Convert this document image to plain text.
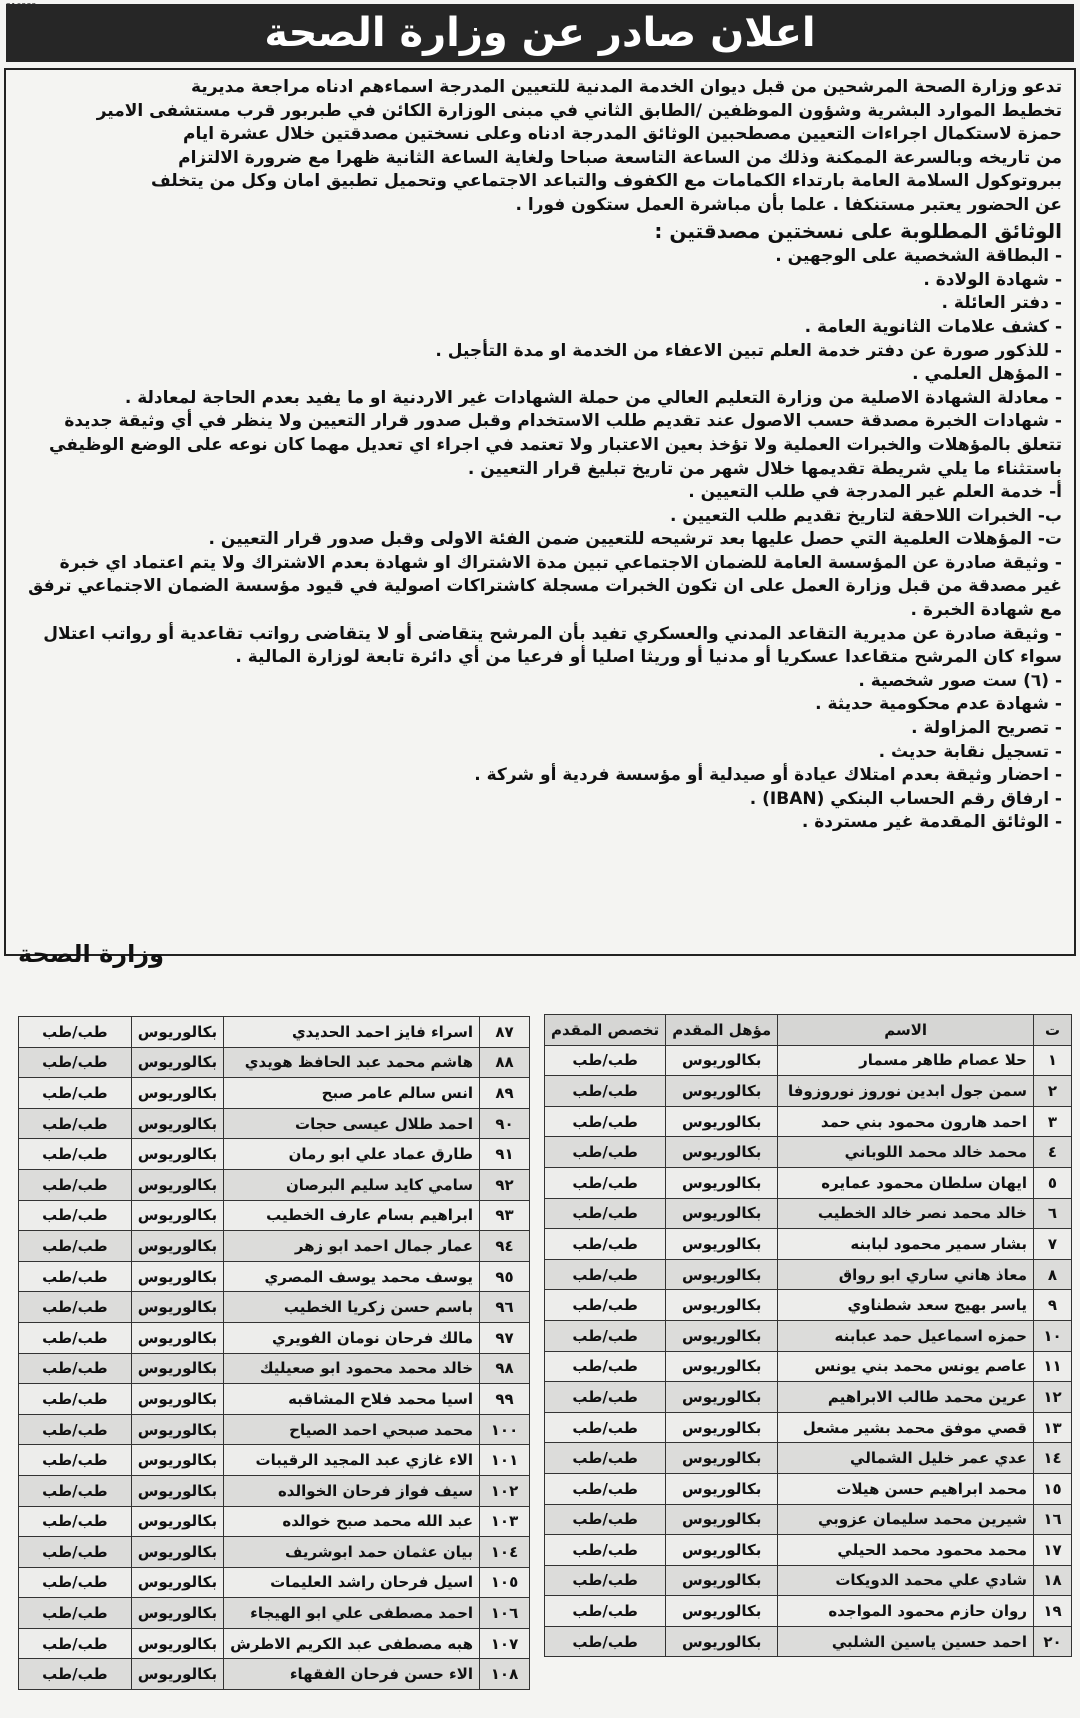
اعلان صادر عن وزارة الصحة

تدعو وزارة الصحة المرشحين من قبل ديوان الخدمة المدنية للتعيين المدرجة اسماءهم ادناه مراجعة مديرية

تخطيط الموارد البشرية وشؤون الموظفين /الطابق الثاني في مبنى الوزارة الكائن في طبربور قرب مستشفى الامير

حمزة لاستكمال اجراءات التعيين مصطحبين الوثائق المدرجة ادناه وعلى نسختين مصدقتين خلال عشرة ايام

من تاريخه وبالسرعة الممكنة وذلك من الساعة التاسعة صباحا ولغاية الساعة الثانية ظهرا مع ضرورة الالتزام

ببروتوكول السلامة العامة بارتداء الكمامات مع الكفوف والتباعد الاجتماعي وتحميل تطبيق امان وكل من يتخلف

عن الحضور يعتبر مستنكفا . علما بأن مباشرة العمل ستكون فورا .

الوثائق المطلوبة على نسختين مصدقتين :

- البطاقة الشخصية على الوجهين .

- شهادة الولادة .

- دفتر العائلة .

- كشف علامات الثانوية العامة .

- للذكور صورة عن دفتر خدمة العلم تبين الاعفاء من الخدمة او مدة التأجيل .

- المؤهل العلمي .

- معادلة الشهادة الاصلية من وزارة التعليم العالي من حملة الشهادات غير الاردنية او ما يفيد بعدم الحاجة لمعادلة .

- شهادات الخبرة مصدقة حسب الاصول عند تقديم طلب الاستخدام وقبل صدور قرار التعيين ولا ينظر في أي وثيقة جديدة

تتعلق بالمؤهلات والخبرات العملية ولا تؤخذ بعين الاعتبار ولا تعتمد في اجراء اي تعديل مهما كان نوعه على الوضع الوظيفي

باستثناء ما يلي شريطة تقديمها خلال شهر من تاريخ تبليغ قرار التعيين .

أ- خدمة العلم غير المدرجة في طلب التعيين .

ب- الخبرات اللاحقة لتاريخ تقديم طلب التعيين .

ت- المؤهلات العلمية التي حصل عليها بعد ترشيحه للتعيين ضمن الفئة الاولى وقبل صدور قرار التعيين .

- وثيقة صادرة عن المؤسسة العامة للضمان الاجتماعي تبين مدة الاشتراك او شهادة بعدم الاشتراك ولا يتم اعتماد اي خبرة

غير مصدقة من قبل وزارة العمل على ان تكون الخبرات مسجلة كاشتراكات اصولية في قيود مؤسسة الضمان الاجتماعي ترفق

مع شهادة الخبرة .

- وثيقة صادرة عن مديرية التقاعد المدني والعسكري تفيد بأن المرشح يتقاضى أو لا يتقاضى رواتب تقاعدية أو رواتب اعتلال

سواء كان المرشح متقاعدا عسكريا أو مدنيا أو وريثا اصليا أو فرعيا من أي دائرة تابعة لوزارة المالية .

- (٦) ست صور شخصية .

- شهادة عدم محكومية حديثة .

- تصريح المزاولة .

- تسجيل نقابة حديث .

- احضار وثيقة بعدم امتلاك عيادة أو صيدلية أو مؤسسة فردية أو شركة .

- ارفاق رقم الحساب البنكي (IBAN) .

- الوثائق المقدمة غير مستردة .

وزارة الصحة
ت	الاسم	مؤهل المقدم	تخصص المقدم
١	حلا عصام طاهر مسمار	بكالوريوس	طب/طب
٢	سمن جول ابدين نوروز نوروزوفا	بكالوريوس	طب/طب
٣	احمد هارون محمود بني حمد	بكالوريوس	طب/طب
٤	محمد خالد محمد اللوباني	بكالوريوس	طب/طب
٥	ايهان سلطان محمود عمايره	بكالوريوس	طب/طب
٦	خالد محمد نصر خالد الخطيب	بكالوريوس	طب/طب
٧	بشار سمير محمود لبابنه	بكالوريوس	طب/طب
٨	معاذ هاني ساري ابو رواق	بكالوريوس	طب/طب
٩	ياسر بهيج سعد شطناوي	بكالوريوس	طب/طب
١٠	حمزه اسماعيل حمد عبابنه	بكالوريوس	طب/طب
١١	عاصم يونس محمد بني يونس	بكالوريوس	طب/طب
١٢	عرين محمد طالب الابراهيم	بكالوريوس	طب/طب
١٣	قصي موفق محمد بشير مشعل	بكالوريوس	طب/طب
١٤	عدي عمر خليل الشمالي	بكالوريوس	طب/طب
١٥	محمد ابراهيم حسن هيلات	بكالوريوس	طب/طب
١٦	شيرين محمد سليمان عزوبي	بكالوريوس	طب/طب
١٧	محمد محمود محمد الحيلي	بكالوريوس	طب/طب
١٨	شادي علي محمد الدويكات	بكالوريوس	طب/طب
١٩	روان حازم محمود المواجده	بكالوريوس	طب/طب
٢٠	احمد حسين ياسين الشلبي	بكالوريوس	طب/طب
٨٧	اسراء فايز احمد الحديدي	بكالوريوس	طب/طب
٨٨	هاشم محمد عبد الحافظ هويدي	بكالوريوس	طب/طب
٨٩	انس سالم عامر صبح	بكالوريوس	طب/طب
٩٠	احمد طلال عيسى حجات	بكالوريوس	طب/طب
٩١	طارق عماد علي ابو رمان	بكالوريوس	طب/طب
٩٢	سامي كايد سليم البرصان	بكالوريوس	طب/طب
٩٣	ابراهيم بسام عارف الخطيب	بكالوريوس	طب/طب
٩٤	عمار جمال احمد ابو زهر	بكالوريوس	طب/طب
٩٥	يوسف محمد يوسف المصري	بكالوريوس	طب/طب
٩٦	باسم حسن زكريا الخطيب	بكالوريوس	طب/طب
٩٧	مالك فرحان نومان الفويري	بكالوريوس	طب/طب
٩٨	خالد محمد محمود ابو صعيليك	بكالوريوس	طب/طب
٩٩	اسيا محمد فلاح المشاقبه	بكالوريوس	طب/طب
١٠٠	محمد صبحي احمد الصياح	بكالوريوس	طب/طب
١٠١	الاء غازي عبد المجيد الرقيبات	بكالوريوس	طب/طب
١٠٢	سيف فواز فرحان الخوالده	بكالوريوس	طب/طب
١٠٣	عبد الله محمد صبح خوالده	بكالوريوس	طب/طب
١٠٤	بيان عثمان حمد ابوشريف	بكالوريوس	طب/طب
١٠٥	اسيل فرحان راشد العليمات	بكالوريوس	طب/طب
١٠٦	احمد مصطفى علي ابو الهيجاء	بكالوريوس	طب/طب
١٠٧	هبه مصطفى عبد الكريم الاطرش	بكالوريوس	طب/طب
١٠٨	الاء حسن فرحان الفقهاء	بكالوريوس	طب/طب
